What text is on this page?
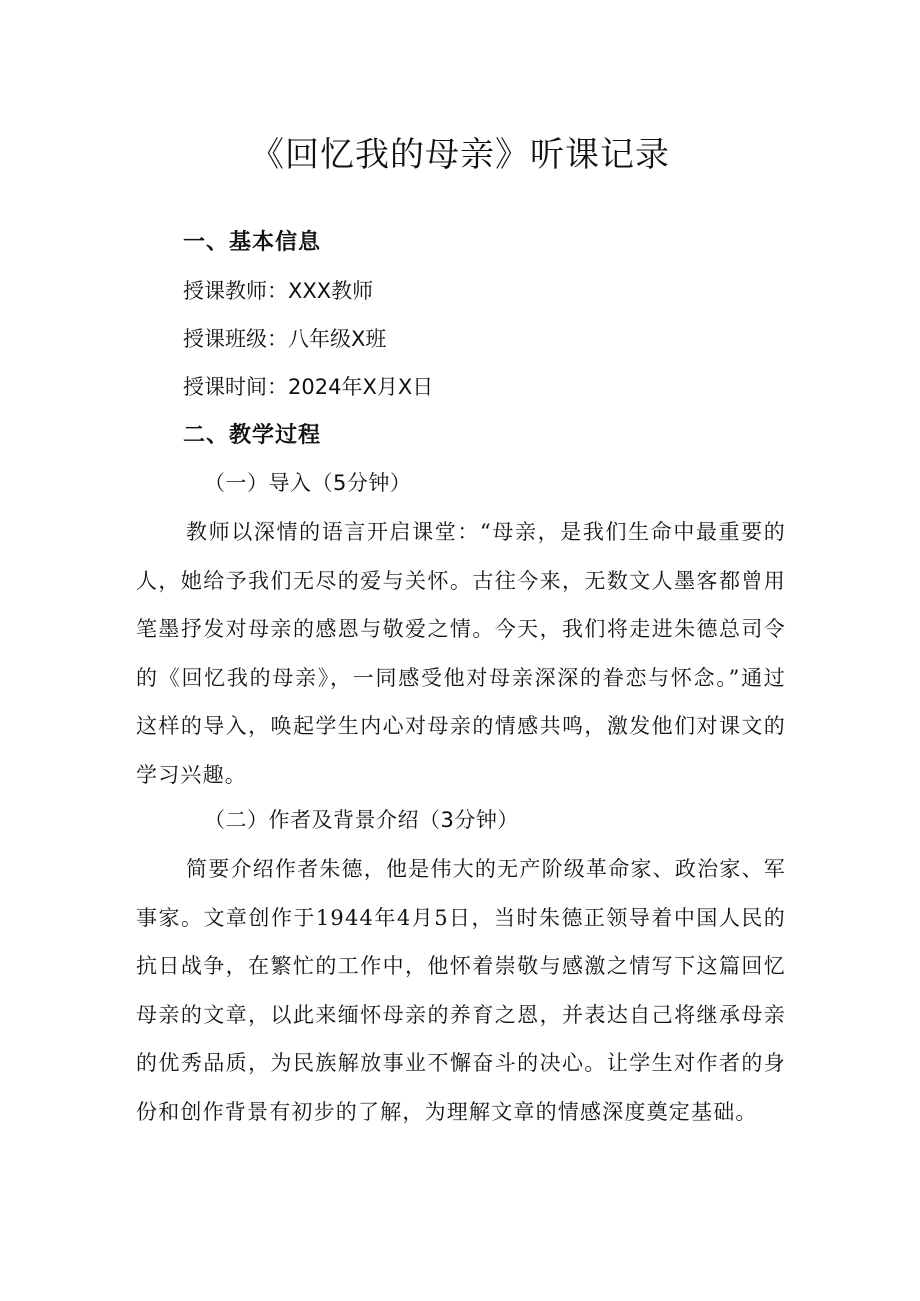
《回忆我的母亲》听课记录

一、基本信息

授课教师：XXX教师

授课班级：八年级X班

授课时间：2024年X月X日

二、教学过程

（一）导入（5分钟）

教师以深情的语言开启课堂：“母亲，是我们生命中最重要的人，她给予我们无尽的爱与关怀。古往今来，无数文人墨客都曾用笔墨抒发对母亲的感恩与敬爱之情。今天，我们将走进朱德总司令的《回忆我的母亲》，一同感受他对母亲深深的眷恋与怀念。”通过这样的导入，唤起学生内心对母亲的情感共鸣，激发他们对课文的学习兴趣。

（二）作者及背景介绍（3分钟）

简要介绍作者朱德，他是伟大的无产阶级革命家、政治家、军事家。文章创作于1944年4月5日，当时朱德正领导着中国人民的抗日战争，在繁忙的工作中，他怀着崇敬与感激之情写下这篇回忆母亲的文章，以此来缅怀母亲的养育之恩，并表达自己将继承母亲的优秀品质，为民族解放事业不懈奋斗的决心。让学生对作者的身份和创作背景有初步的了解，为理解文章的情感深度奠定基础。
